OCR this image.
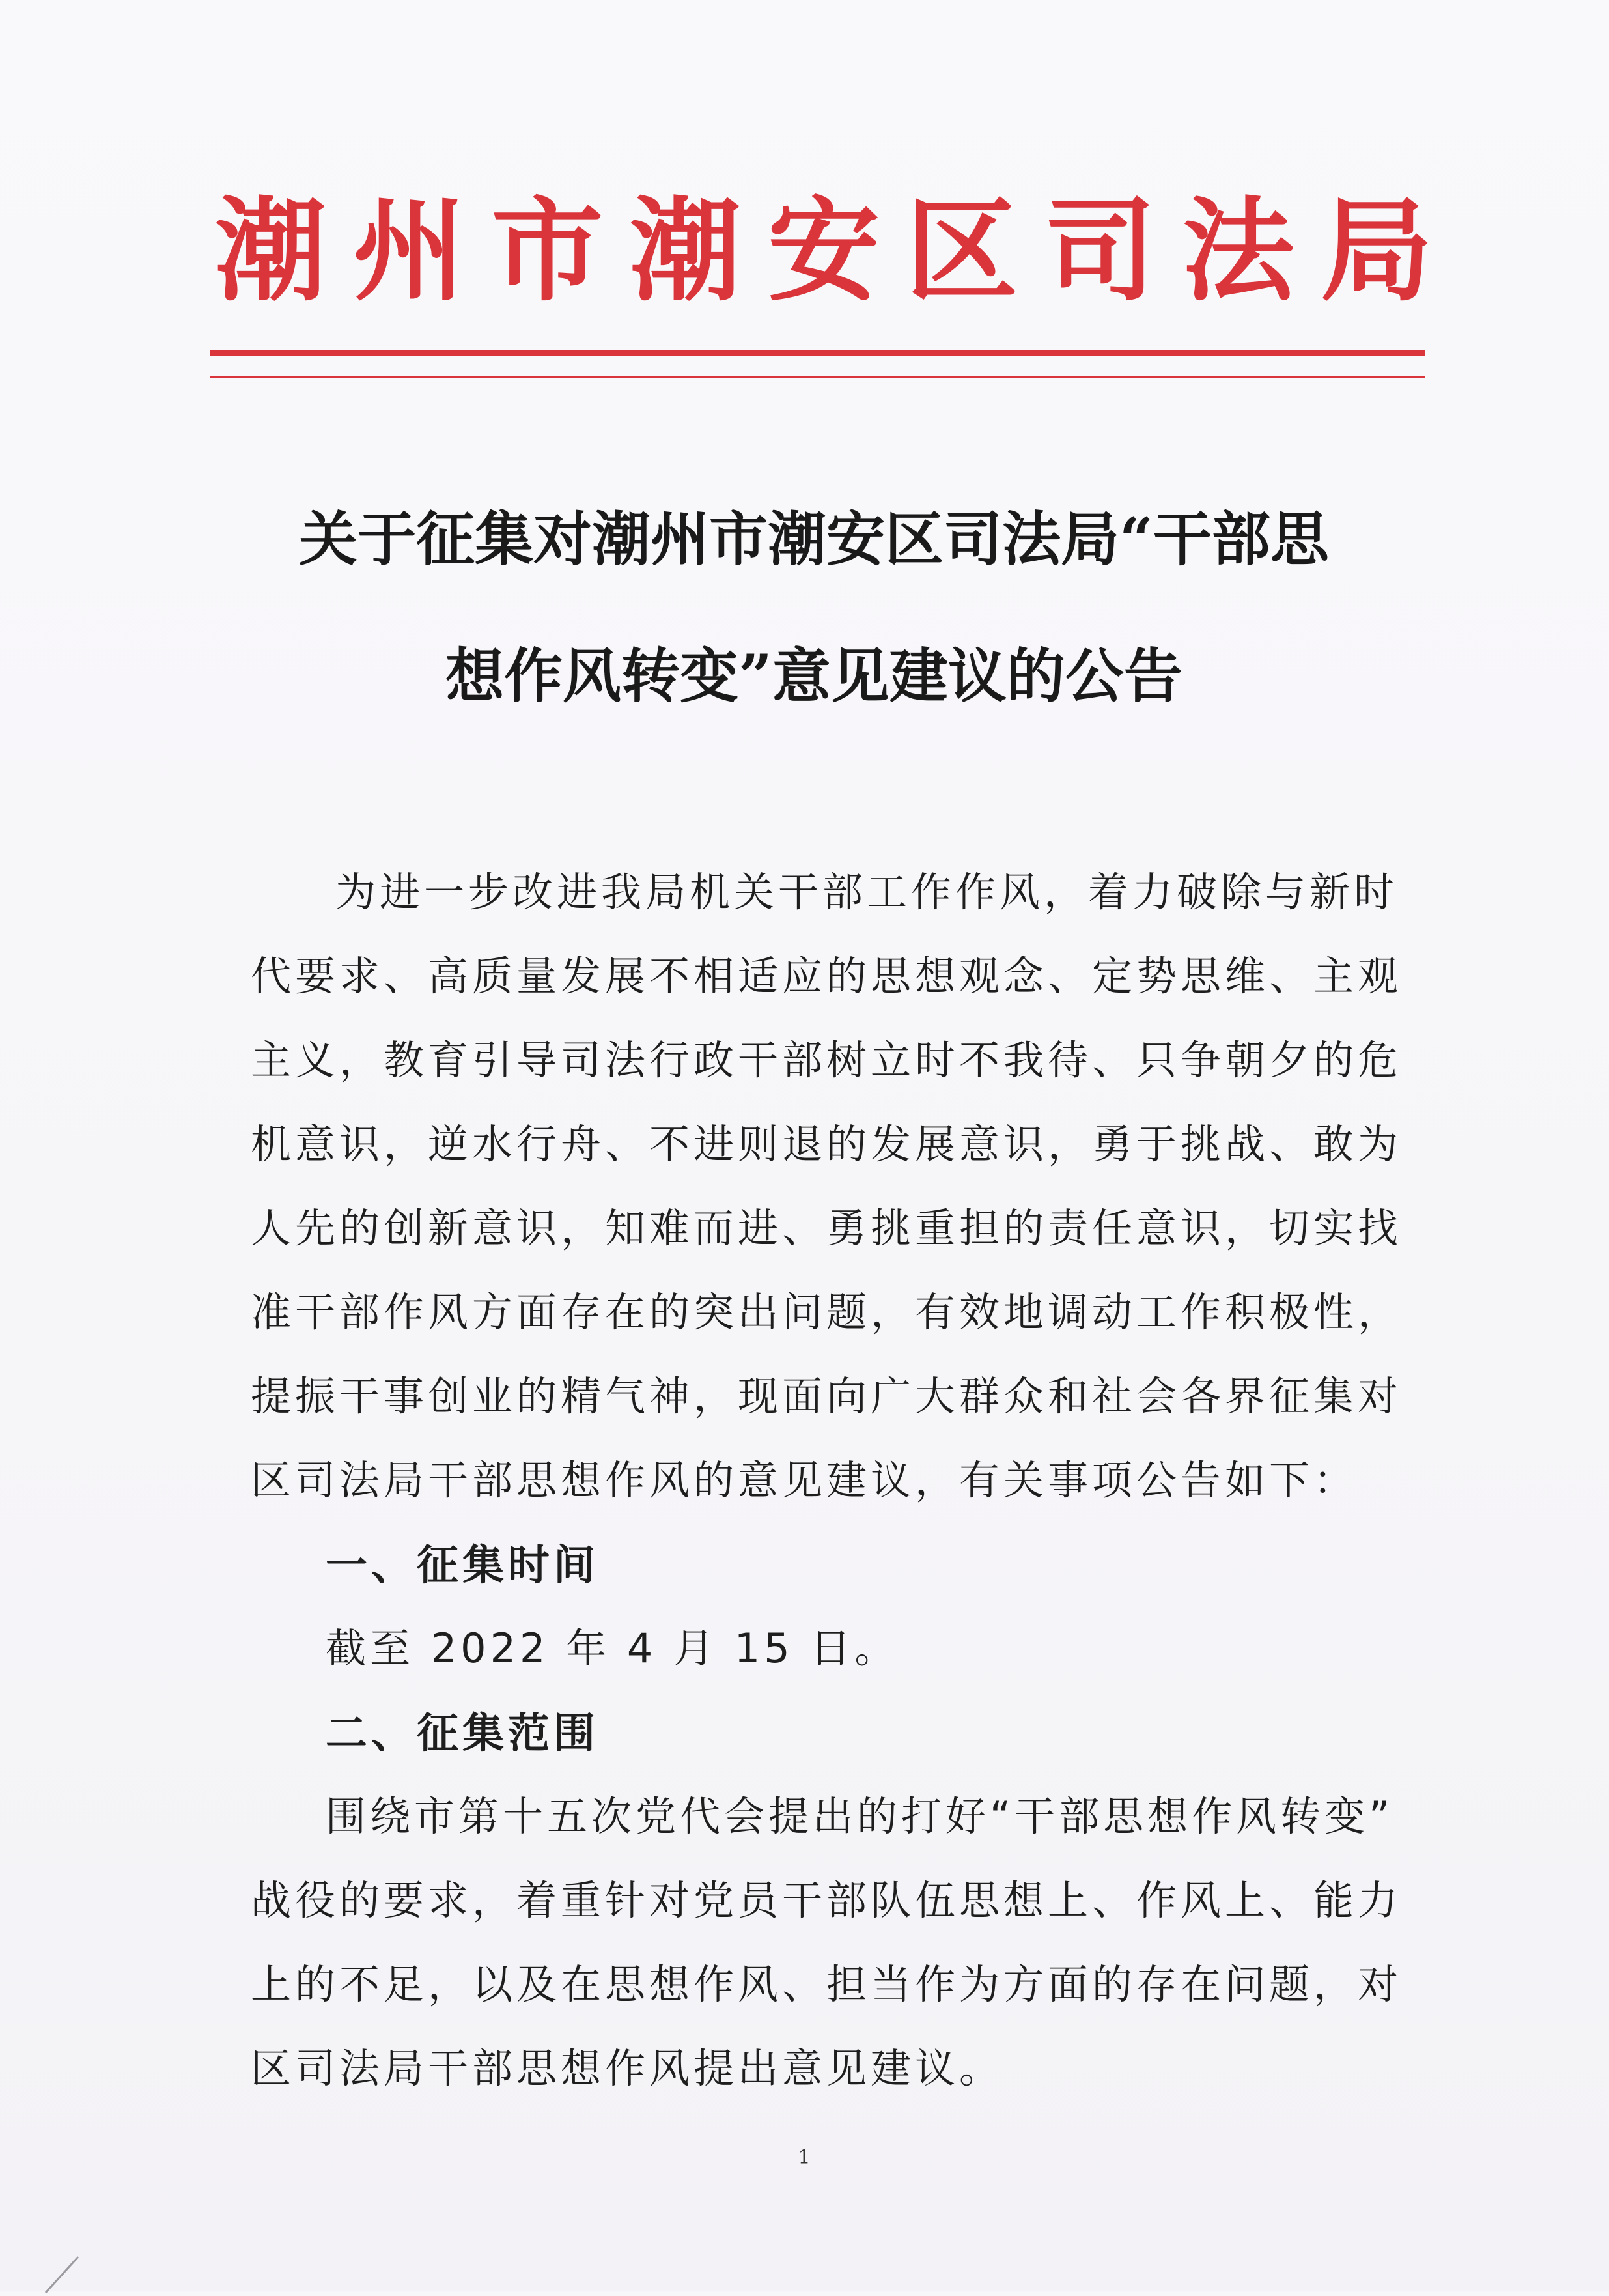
潮 州 市 潮 安 区 司 法 局
关于征集对潮州市潮安区司法局“干部思
想作风转变”意见建议的公告
为进一步改进我局机关干部工作作风，着力破除与新时
代要求、高质量发展不相适应的思想观念、定势思维、主观
主义，教育引导司法行政干部树立时不我待、只争朝夕的危
机意识，逆水行舟、不进则退的发展意识，勇于挑战、敢为
人先的创新意识，知难而进、勇挑重担的责任意识，切实找
准干部作风方面存在的突出问题，有效地调动工作积极性，
提振干事创业的精气神，现面向广大群众和社会各界征集对
区司法局干部思想作风的意见建议，有关事项公告如下：
一、征集时间
截至 2022 年 4 月 15 日。
二、征集范围
围绕市第十五次党代会提出的打好“干部思想作风转变”
战役的要求，着重针对党员干部队伍思想上、作风上、能力
上的不足，以及在思想作风、担当作为方面的存在问题，对
区司法局干部思想作风提出意见建议。
1
